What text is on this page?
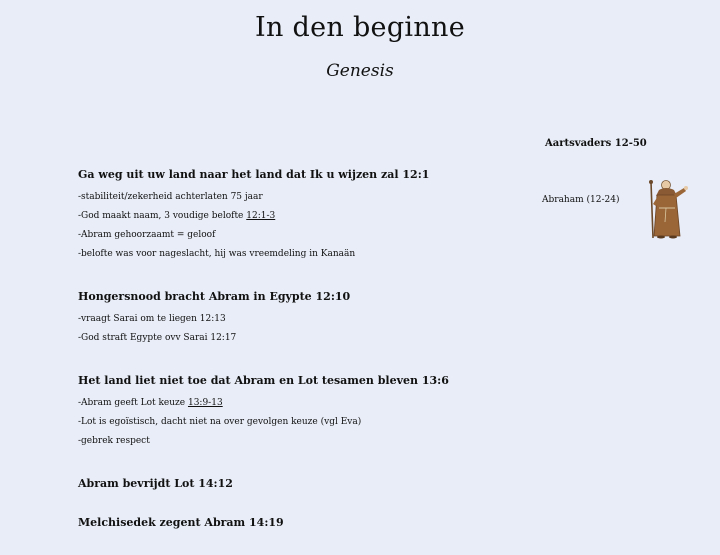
In den beginne
Genesis
Aartsvaders 12-50
Abraham (12-24)
Ga weg uit uw land naar het land dat Ik u wijzen zal 12:1

-stabiliteit/zekerheid achterlaten 75 jaar

-God maakt naam, 3 voudige belofte 12:1-3

-Abram gehoorzaamt = geloof

-belofte was voor nageslacht, hij was vreemdeling in Kanaän

Hongersnood bracht Abram in Egypte 12:10

-vraagt Sarai om te liegen 12:13

-God straft Egypte ovv Sarai 12:17

Het land liet niet toe dat Abram en Lot tesamen bleven 13:6

-Abram geeft Lot keuze 13:9-13

-Lot is egoïstisch, dacht niet na over gevolgen keuze (vgl Eva)

-gebrek respect

Abram bevrijdt Lot 14:12
Melchisedek zegent Abram 14:19
